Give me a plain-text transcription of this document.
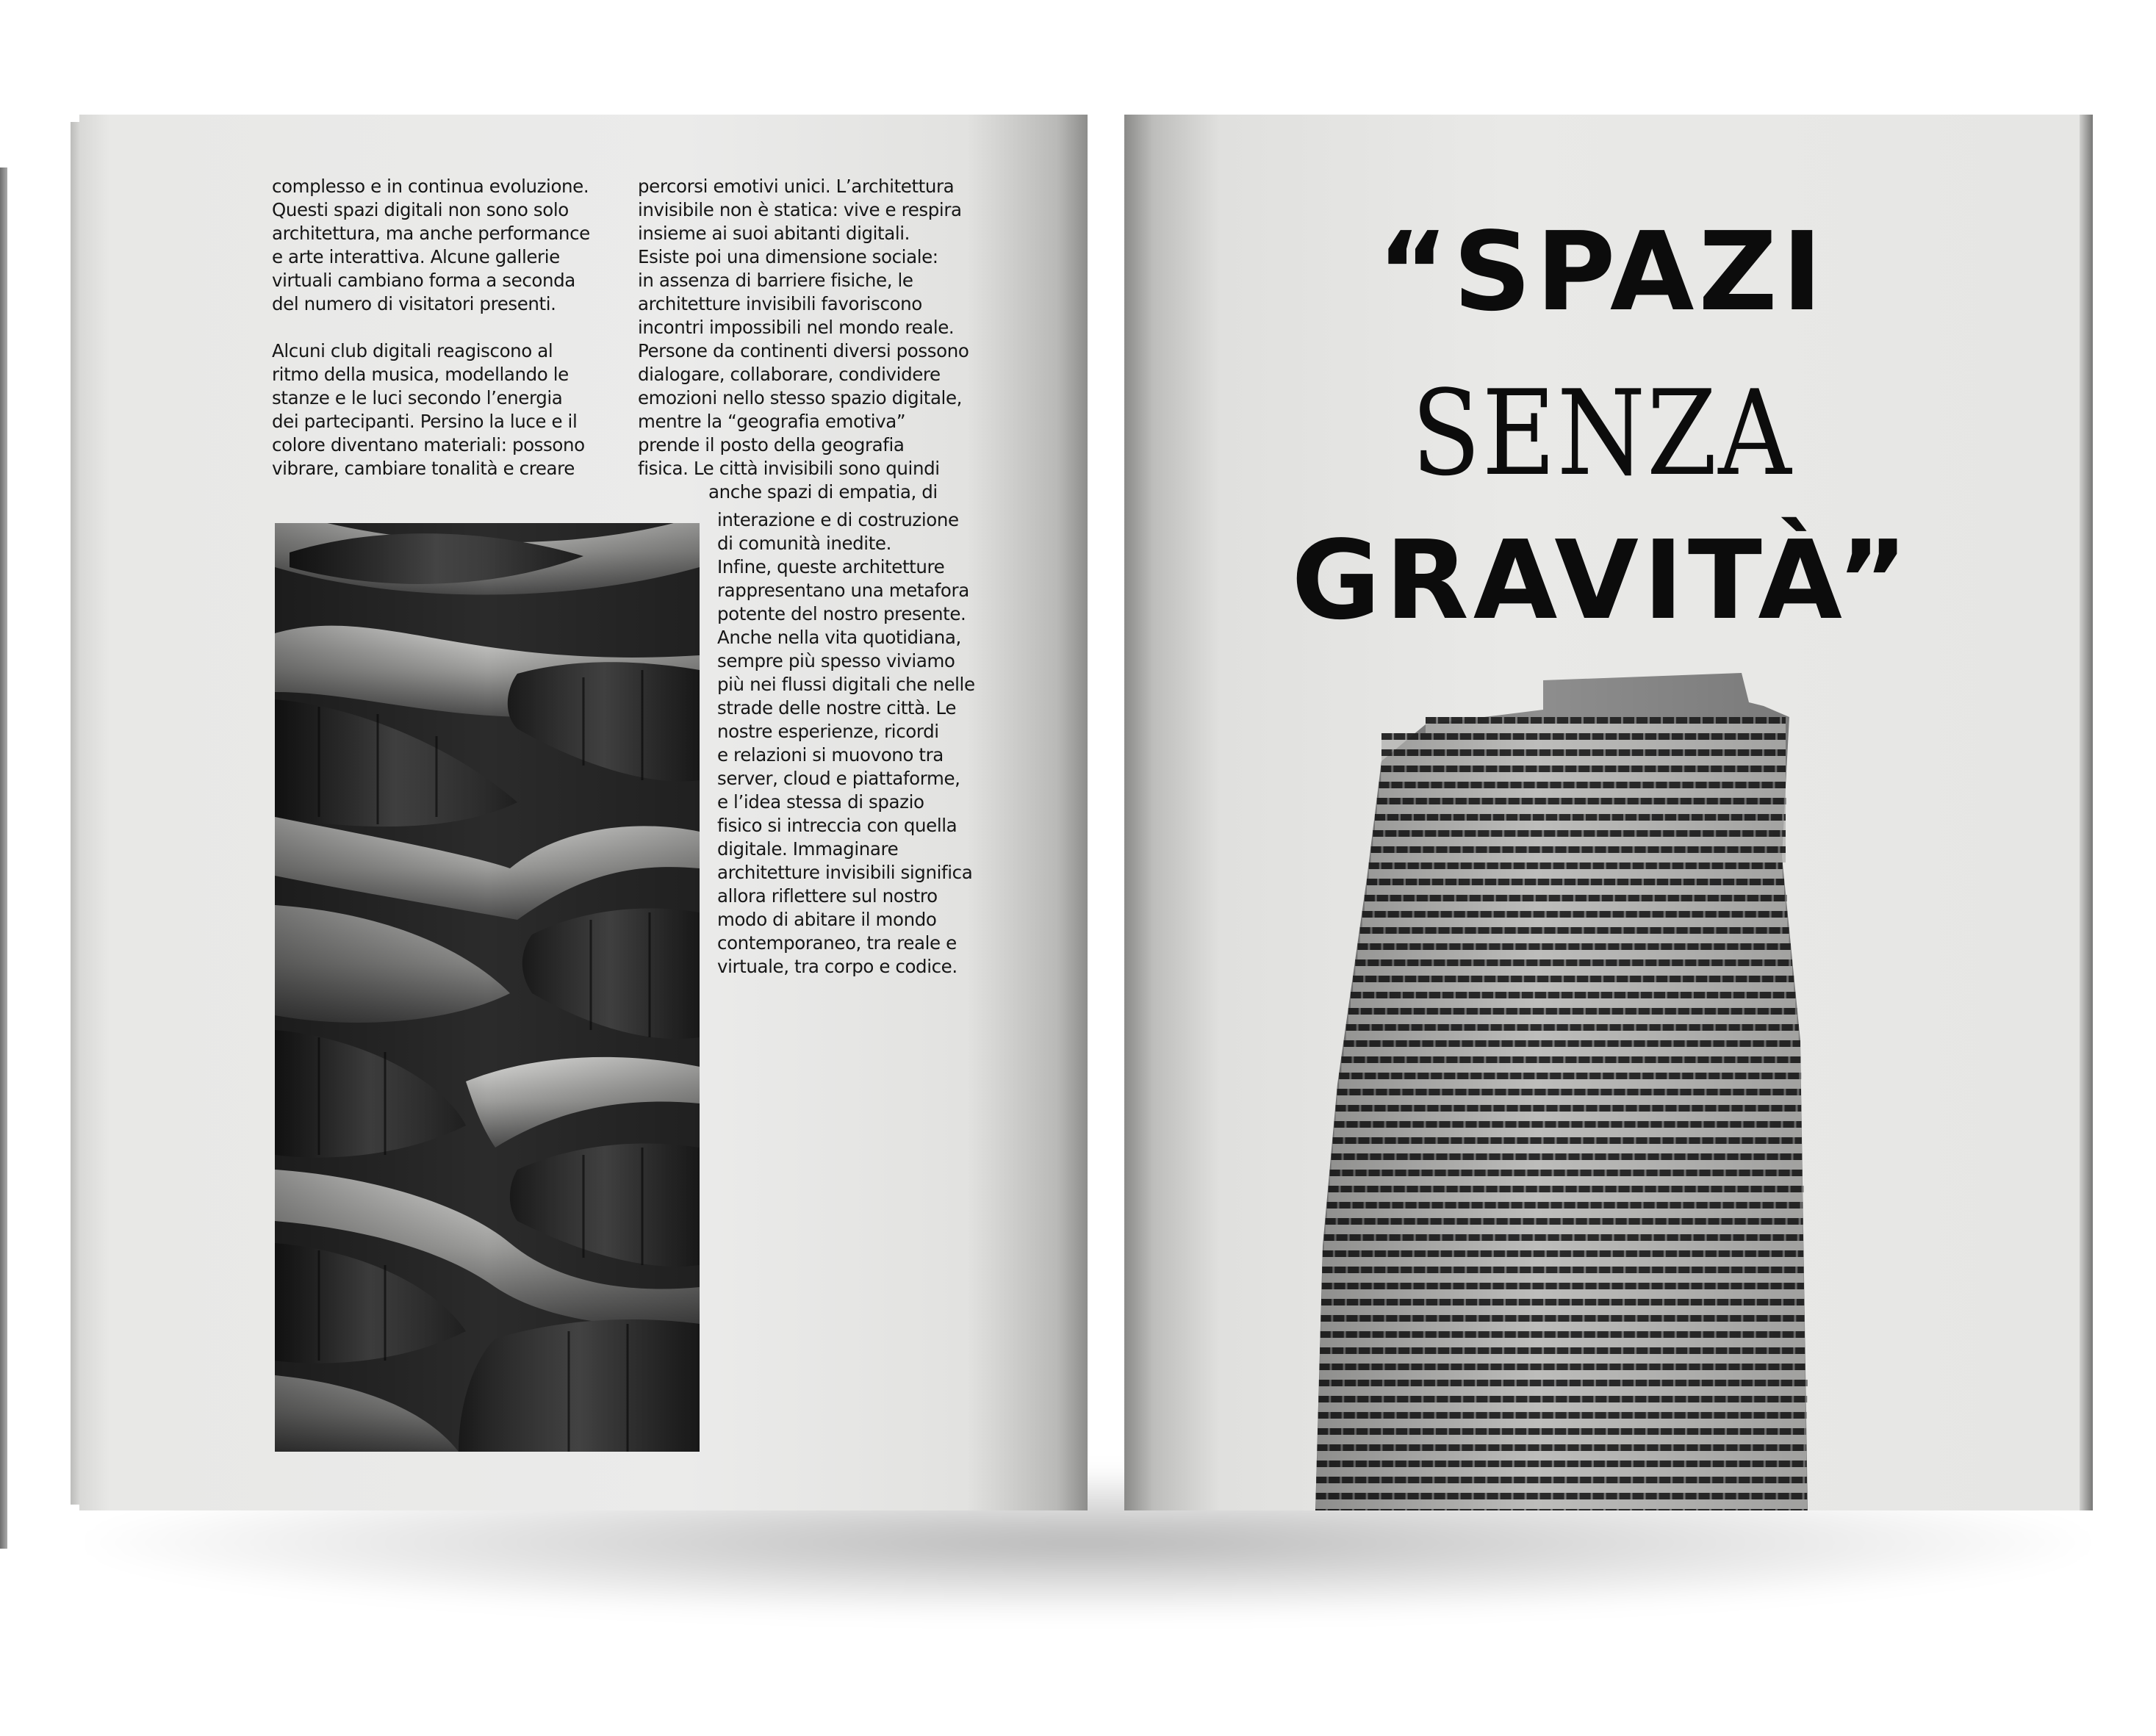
complesso e in continua evoluzione.
Questi spazi digitali non sono solo
architettura, ma anche performance
e arte interattiva. Alcune gallerie
virtuali cambiano forma a seconda
del numero di visitatori presenti.
Alcuni club digitali reagiscono al
ritmo della musica, modellando le
stanze e le luci secondo l’energia
dei partecipanti. Persino la luce e il
colore diventano materiali: possono
vibrare, cambiare tonalità e creare
percorsi emotivi unici. L’architettura
invisibile non è statica: vive e respira
insieme ai suoi abitanti digitali.
Esiste poi una dimensione sociale:
in assenza di barriere fisiche, le
architetture invisibili favoriscono
incontri impossibili nel mondo reale.
Persone da continenti diversi possono
dialogare, collaborare, condividere
emozioni nello stesso spazio digitale,
mentre la “geografia emotiva”
prende il posto della geografia
fisica. Le città invisibili sono quindi
anche spazi di empatia, di
interazione e di costruzione
di comunità inedite.
Infine, queste architetture
rappresentano una metafora
potente del nostro presente.
Anche nella vita quotidiana,
sempre più spesso viviamo
più nei flussi digitali che nelle
strade delle nostre città. Le
nostre esperienze, ricordi
e relazioni si muovono tra
server, cloud e piattaforme,
e l’idea stessa di spazio
fisico si intreccia con quella
digitale. Immaginare
architetture invisibili significa
allora riflettere sul nostro
modo di abitare il mondo
contemporaneo, tra reale e
virtuale, tra corpo e codice.
“SPAZI
SENZA
GRAVITÀ”
